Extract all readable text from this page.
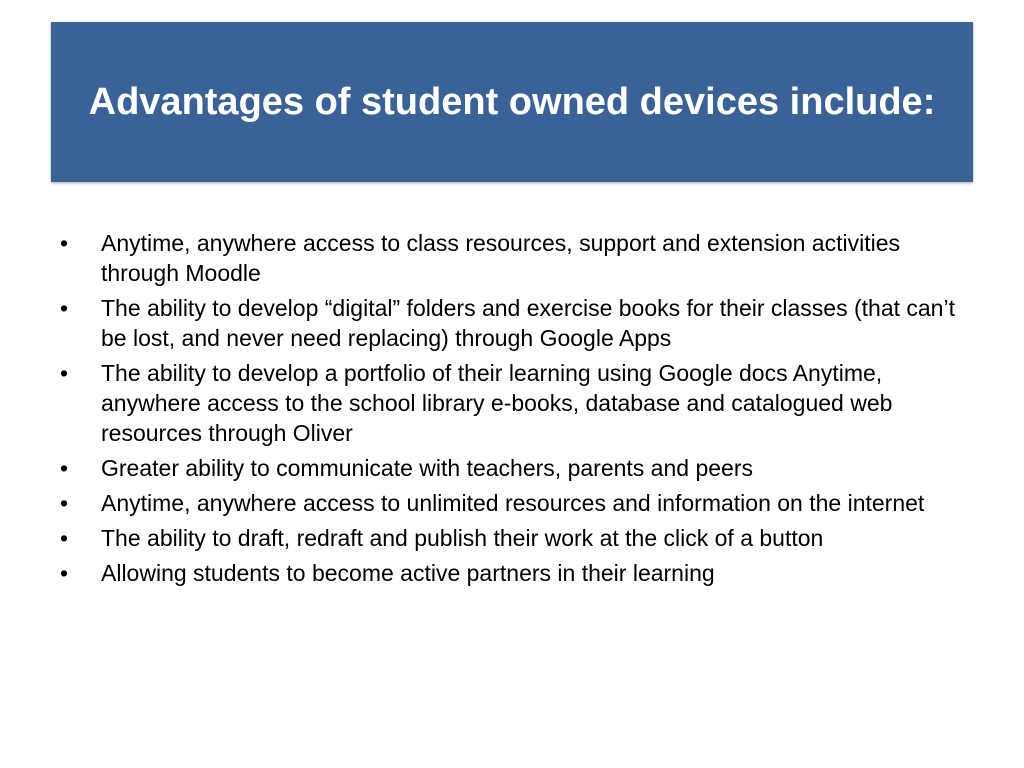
Advantages of student owned devices include:
•	Anytime, anywhere access to class resources, support and extension activities through Moodle
•	The ability to develop “digital” folders and exercise books for their classes (that can’t be lost, and never need replacing) through Google Apps
•	The ability to develop a portfolio of their learning using Google docs Anytime, anywhere access to the school library e-books, database and catalogued web resources through Oliver
•	Greater ability to communicate with teachers, parents and peers
•	Anytime, anywhere access to unlimited resources and information on the internet
•	The ability to draft, redraft and publish their work at the click of a button
•	Allowing students to become active partners in their learning
